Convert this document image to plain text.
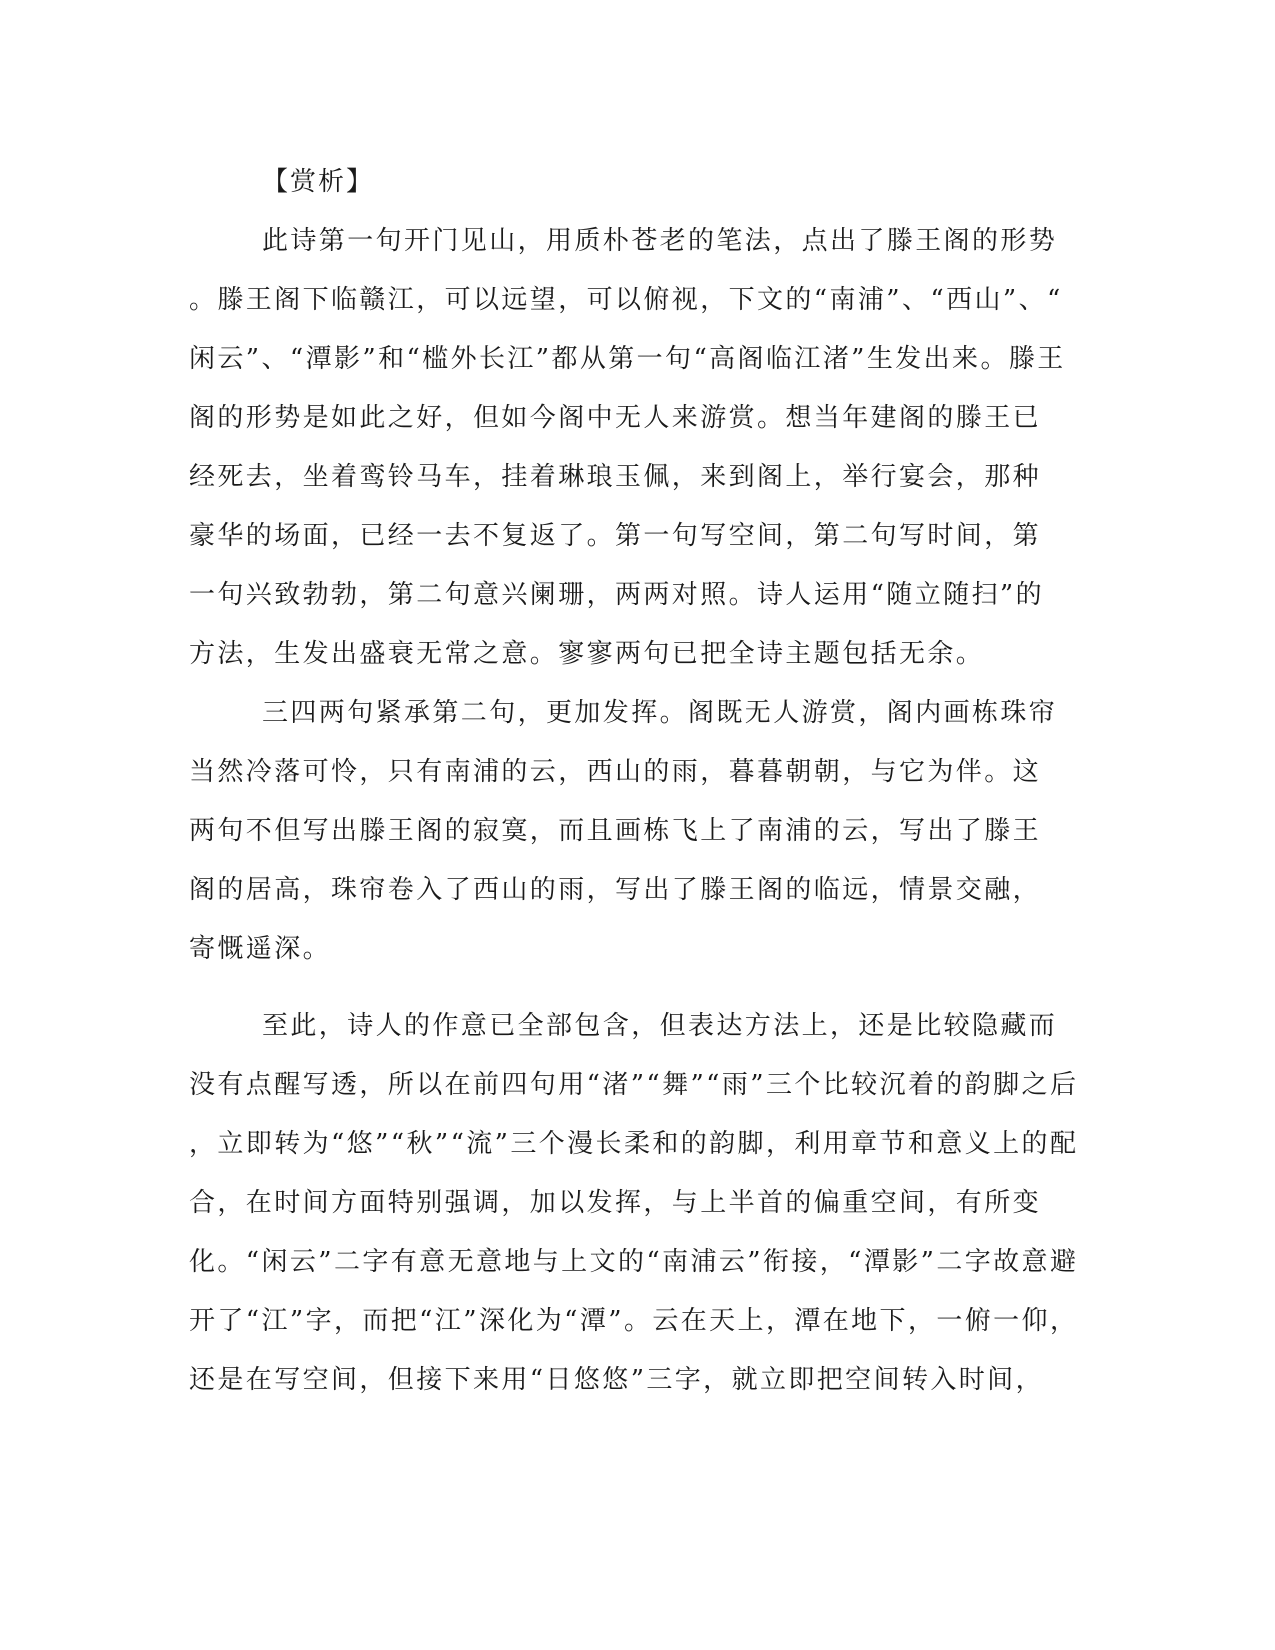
【赏析】
此诗第一句开门见山，用质朴苍老的笔法，点出了滕王阁的形势
。滕王阁下临赣江，可以远望，可以俯视，下文的“南浦”、“西山”、“
闲云”、“潭影”和“槛外长江”都从第一句“高阁临江渚”生发出来。滕王
阁的形势是如此之好，但如今阁中无人来游赏。想当年建阁的滕王已
经死去，坐着鸾铃马车，挂着琳琅玉佩，来到阁上，举行宴会，那种
豪华的场面，已经一去不复返了。第一句写空间，第二句写时间，第
一句兴致勃勃，第二句意兴阑珊，两两对照。诗人运用“随立随扫”的
方法，生发出盛衰无常之意。寥寥两句已把全诗主题包括无余。
三四两句紧承第二句，更加发挥。阁既无人游赏，阁内画栋珠帘
当然冷落可怜，只有南浦的云，西山的雨，暮暮朝朝，与它为伴。这
两句不但写出滕王阁的寂寞，而且画栋飞上了南浦的云，写出了滕王
阁的居高，珠帘卷入了西山的雨，写出了滕王阁的临远，情景交融，
寄慨遥深。
至此，诗人的作意已全部包含，但表达方法上，还是比较隐藏而
没有点醒写透，所以在前四句用“渚”“舞”“雨”三个比较沉着的韵脚之后
，立即转为“悠”“秋”“流”三个漫长柔和的韵脚，利用章节和意义上的配
合，在时间方面特别强调，加以发挥，与上半首的偏重空间，有所变
化。“闲云”二字有意无意地与上文的“南浦云”衔接，“潭影”二字故意避
开了“江”字，而把“江”深化为“潭”。云在天上，潭在地下，一俯一仰，
还是在写空间，但接下来用“日悠悠”三字，就立即把空间转入时间，
